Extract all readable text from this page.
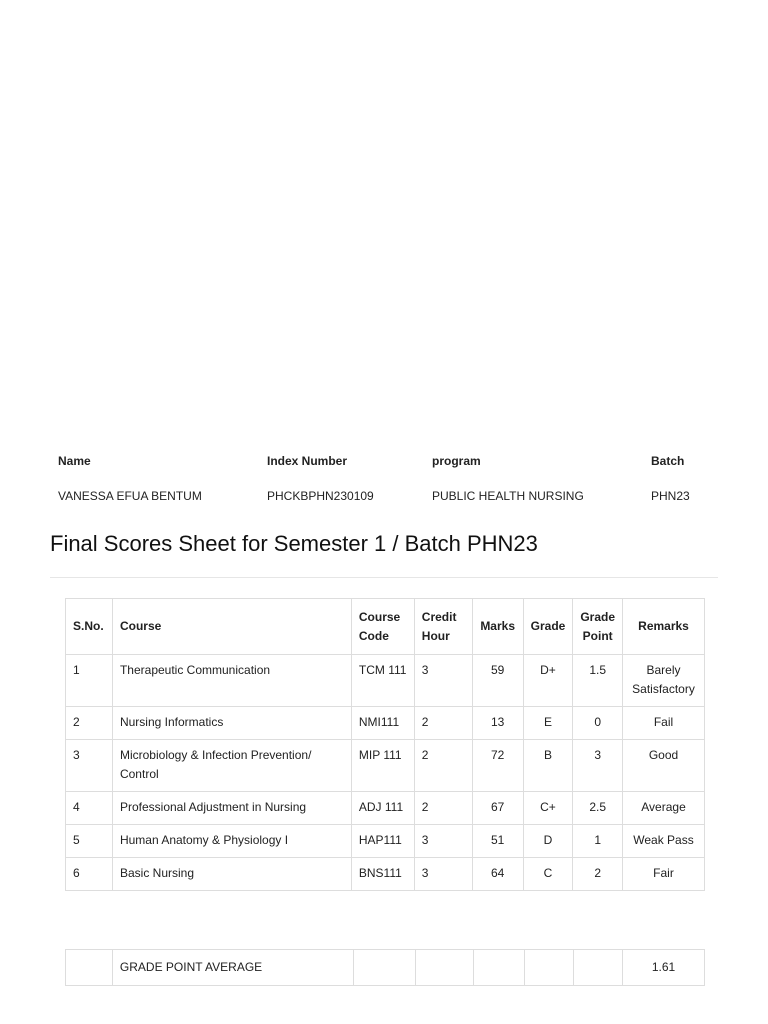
Name
VANESSA EFUA BENTUM
Index Number
PHCKBPHN230109
program
PUBLIC HEALTH NURSING
Batch
PHN23
Final Scores Sheet for Semester 1 / Batch PHN23
S.No.	Course	Course Code	Credit Hour	Marks	Grade	Grade Point	Remarks
1	Therapeutic Communication	TCM 111	3	59	D+	1.5	Barely Satisfactory
2	Nursing Informatics	NMI111	2	13	E	0	Fail
3	Microbiology & Infection Prevention/ Control	MIP 111	2	72	B	3	Good
4	Professional Adjustment in Nursing	ADJ 111	2	67	C+	2.5	Average
5	Human Anatomy & Physiology I	HAP111	3	51	D	1	Weak Pass
6	Basic Nursing	BNS111	3	64	C	2	Fair
	GRADE POINT AVERAGE						1.61
